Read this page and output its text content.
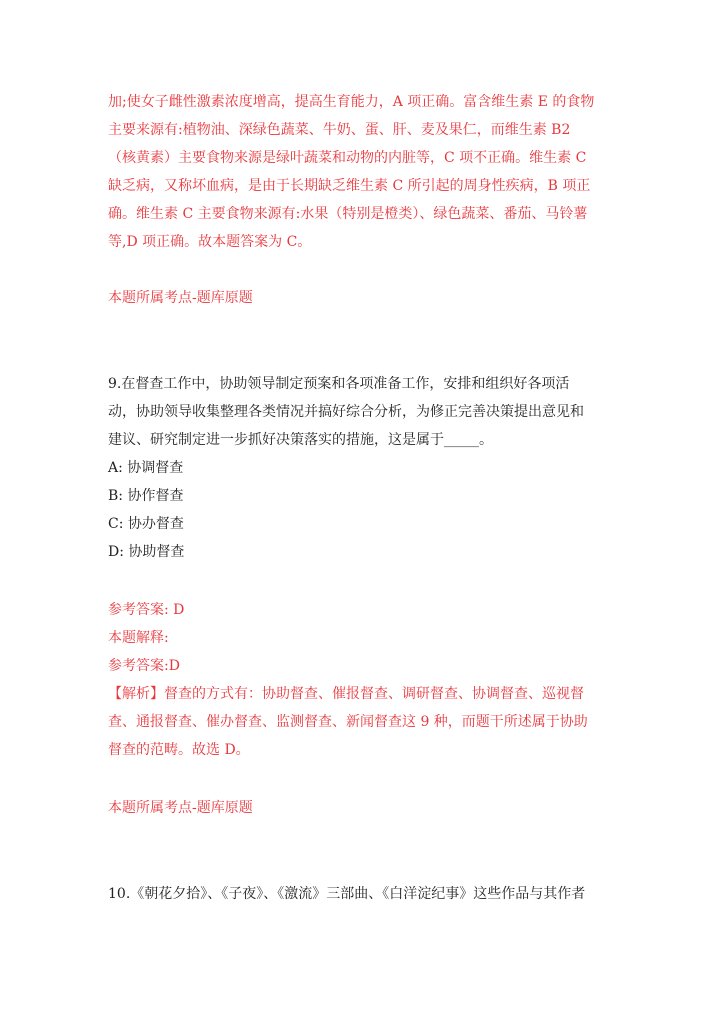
加;使女子雌性激素浓度增高，提高生育能力，A 项正确。富含维生素 E 的食物
主要来源有:植物油、深绿色蔬菜、牛奶、蛋、肝、麦及果仁，而维生素 B2
（核黄素）主要食物来源是绿叶蔬菜和动物的内脏等，C 项不正确。维生素 C
缺乏病，又称坏血病，是由于长期缺乏维生素 C 所引起的周身性疾病，B 项正
确。维生素 C 主要食物来源有:水果（特别是橙类）、绿色蔬菜、番茄、马铃薯
等,D 项正确。故本题答案为 C。
本题所属考点-题库原题
9.在督查工作中，协助领导制定预案和各项准备工作，安排和组织好各项活
动，协助领导收集整理各类情况并搞好综合分析，为修正完善决策提出意见和
建议、研究制定进一步抓好决策落实的措施，这是属于_____。
A: 协调督查
B: 协作督查
C: 协办督查
D: 协助督查
参考答案: D
本题解释:
参考答案:D
【解析】督查的方式有：协助督查、催报督查、调研督查、协调督查、巡视督
查、通报督查、催办督查、监测督查、新闻督查这 9 种，而题干所述属于协助
督查的范畴。故选 D。
本题所属考点-题库原题
10.《朝花夕拾》、《子夜》、《激流》三部曲、《白洋淀纪事》这些作品与其作者
